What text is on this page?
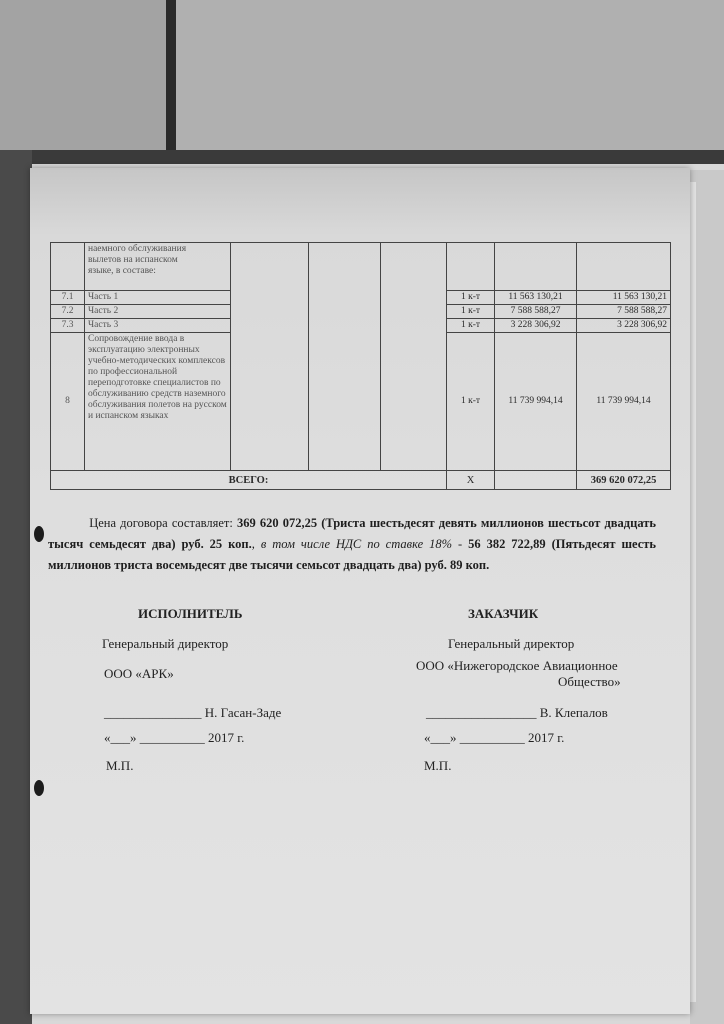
	наемного обслуживания
вылетов на испанском
языке, в составе:						
7.1	Часть 1				1 к-т	11 563 130,21	11 563 130,21
7.2	Часть 2				1 к-т	7 588 588,27	7 588 588,27
7.3	Часть 3				1 к-т	3 228 306,92	3 228 306,92
8	Сопровождение ввода в эксплуатацию электронных учебно-методических комплексов по профессиональной переподготовке специалистов по обслуживанию средств наземного обслуживания полетов на русском и испанском языках				1 к-т	11 739 994,14	11 739 994,14
ВСЕГО:					Х		369 620 072,25
Цена договора составляет: 369 620 072,25 (Триста шестьдесят девять миллионов шестьсот двадцать тысяч семьдесят два) руб. 25 коп., в том числе НДС по ставке 18% - 56 382 722,89 (Пятьдесят шесть миллионов триста восемьдесят две тысячи семьсот двадцать два) руб. 89 коп.
ИСПОЛНИТЕЛЬ
Генеральный директор
ООО «АРК»
_______________ Н. Гасан-Заде
«___» __________ 2017 г.
М.П.
ЗАКАЗЧИК
Генеральный директор
ООО «Нижегородское Авиационное
Общество»
_________________ В. Клепалов
«___» __________ 2017 г.
М.П.
